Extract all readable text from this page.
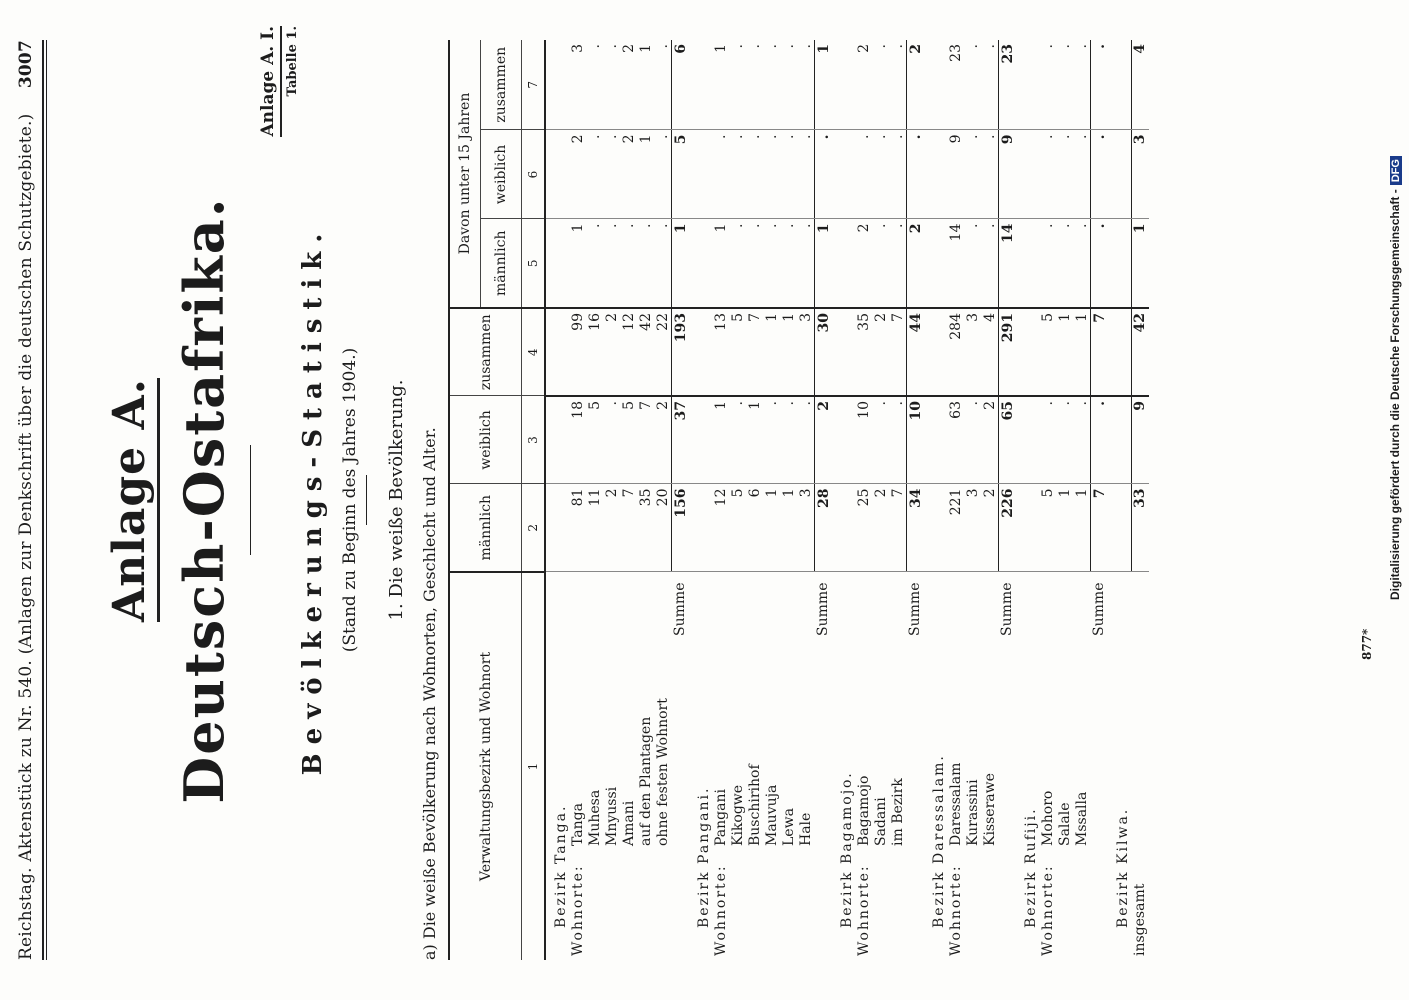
Reichstag. Aktenstück zu Nr. 540. (Anlagen zur Denkschrift über die deutschen Schutzgebiete.)
3007	Anlage A. I. Tabelle 1.
Anlage A. Deutsch-Ostafrika. Bevölkerungs-Statistik. (Stand zu Beginn des Jahres 1904.) 1. Die weiße Bevölkerung. a) Die weiße Bevölkerung nach Wohnorten, Geschlecht und Alter.	Verwaltungsbezirk und Wohnort	männlich	weiblich	zusammen	Davon unter 15 Jahren		
				männlich	weiblich	zusammen
1	2	3	4	5	6	7
Bezirk Tanga.						
Wohnorte:Tanga	81	18	99	1	2	3
Muhesa	11	5	16	.	.	.
Mnyussi	2	.	2	.	.	.
Amani	7	5	12	.	2	2
auf den Plantagen	35	7	42	.	1	1
ohne festen Wohnort	20	2	22	.	.	.
Summe	156	37	193	1	5	6
Bezirk Pangani.						
Wohnorte:Pangani	12	1	13	1	.	1
Kikogwe	5	.	5	.	.	.
Buschirihof	6	1	7	.	.	.
Mauvuja	1	.	1	.	.	.
Lewa	1	.	1	.	.	.
Hale	3	.	3	.	.	.
Summe	28	2	30	1	.	1
Bezirk Bagamojo.						
Wohnorte:Bagamojo	25	10	35	2	.	2
Sadani	2	.	2	.	.	.
im Bezirk	7	.	7	.	.	.
Summe	34	10	44	2	.	2
Bezirk Daressalam.						
Wohnorte:Daressalam	221	63	284	14	9	23
Kurassini	3	.	3	.	.	.
Kisserawe	2	2	4	.	.	.
Summe	226	65	291	14	9	23
Bezirk Rufiji.						
Wohnorte:Mohoro	5	.	5	.	.	.
Salale	1	.	1	.	.	.
Mssalla	1	.	1	.	.	.
Summe	7	.	7	.	.	.
Bezirk Kilwa.						
insgesamt	33	9	42	1	3	4
877*
Digitalisierung gefördert durch die Deutsche Forschungsgemeinschaft -DFG
